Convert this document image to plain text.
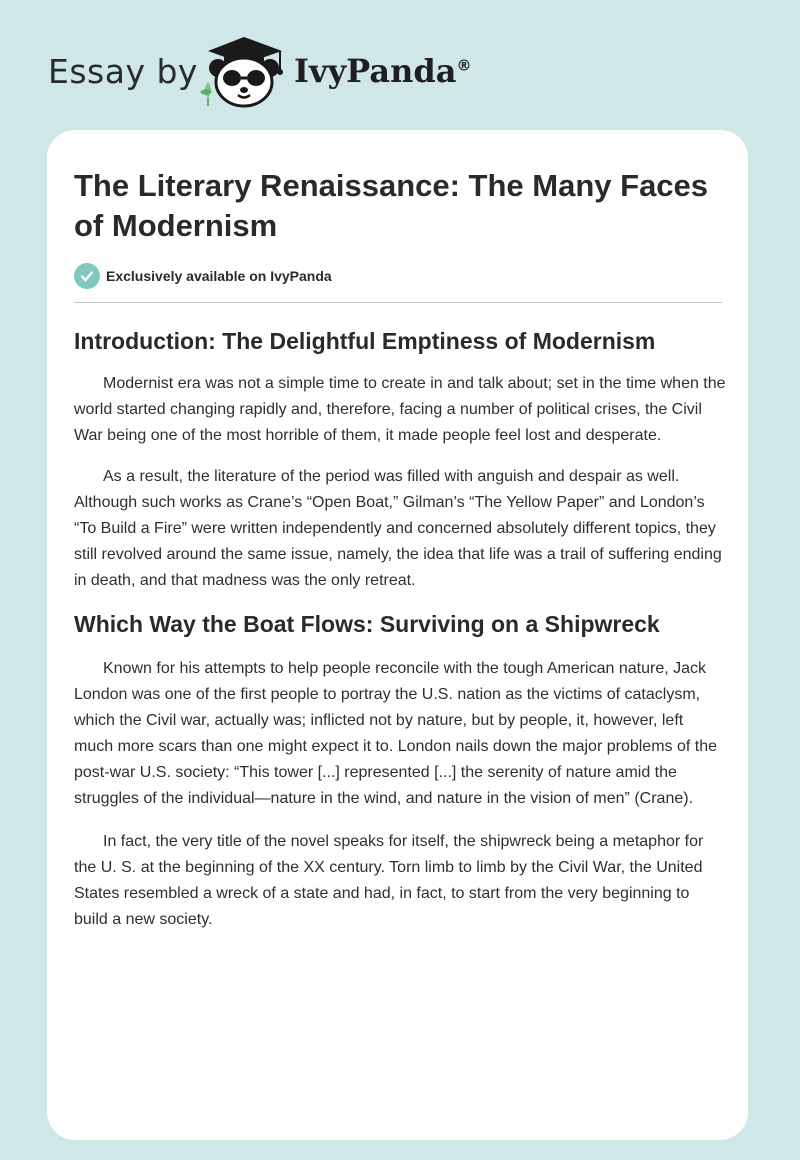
Essay by	IvyPanda®
The Literary Renaissance: The Many Faces of Modernism
Exclusively available on IvyPanda
Introduction: The Delightful Emptiness of Modernism

Modernist era was not a simple time to create in and talk about; set in the time when the world started changing rapidly and, therefore, facing a number of political crises, the Civil War being one of the most horrible of them, it made people feel lost and desperate.

As a result, the literature of the period was filled with anguish and despair as well. Although such works as Crane’s “Open Boat,” Gilman’s “The Yellow Paper” and London’s “To Build a Fire” were written independently and concerned absolutely different topics, they still revolved around the same issue, namely, the idea that life was a trail of suffering ending in death, and that madness was the only retreat.

Which Way the Boat Flows: Surviving on a Shipwreck

Known for his attempts to help people reconcile with the tough American nature, Jack London was one of the first people to portray the U.S. nation as the victims of cataclysm, which the Civil war, actually was; inflicted not by nature, but by people, it, however, left much more scars than one might expect it to. London nails down the major problems of the post-war U.S. society: “This tower [...] represented [...] the serenity of nature amid the struggles of the individual—nature in the wind, and nature in the vision of men” (Crane).

In fact, the very title of the novel speaks for itself, the shipwreck being a metaphor for the U. S. at the beginning of the XX century. Torn limb to limb by the Civil War, the United States resembled a wreck of a state and had, in fact, to start from the very beginning to build a new society.
